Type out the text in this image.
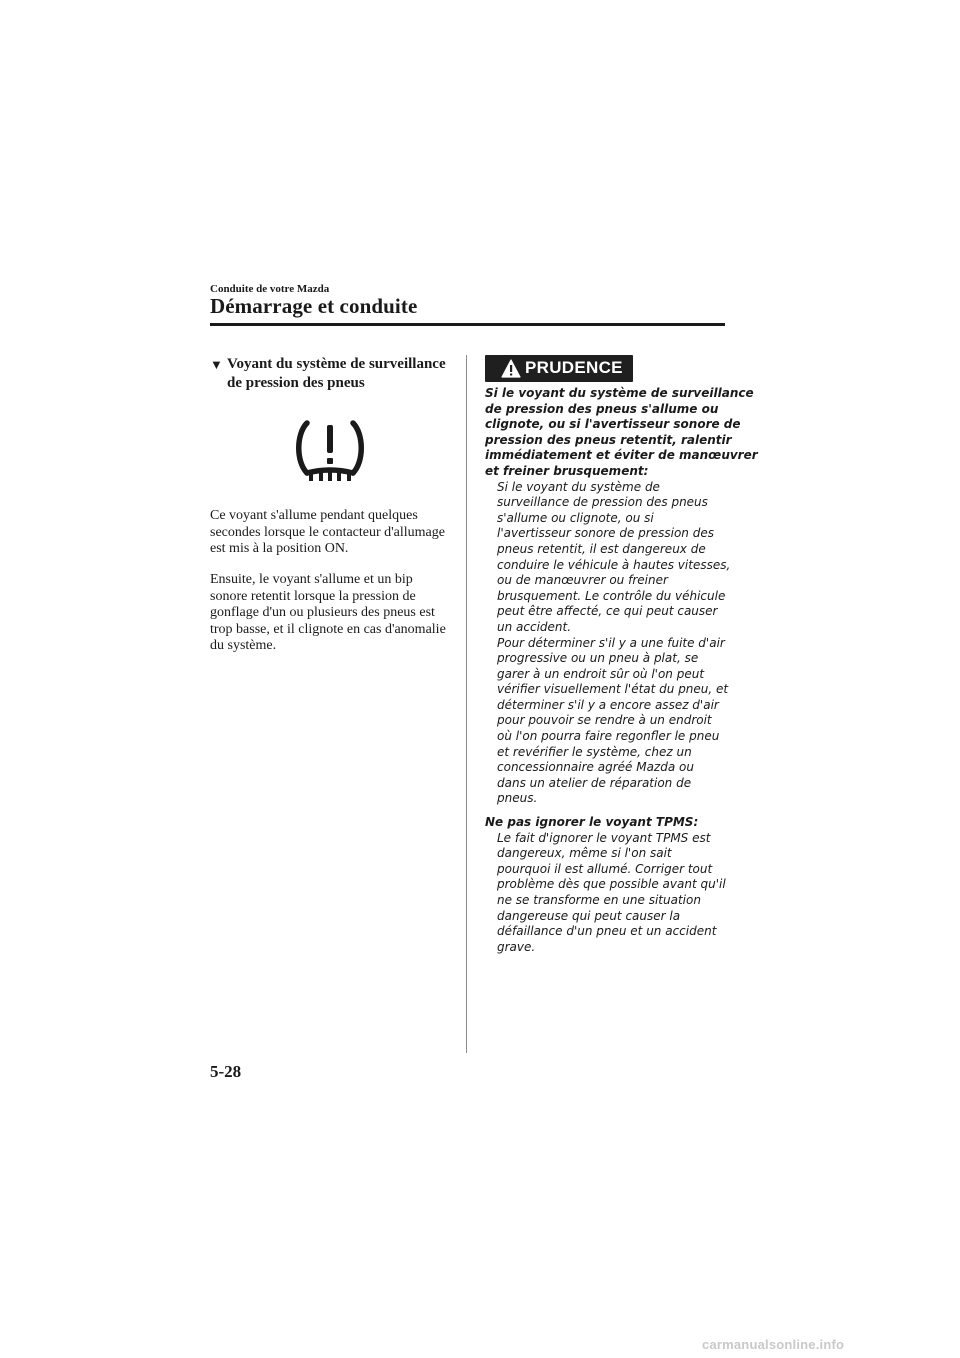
Conduite de votre Mazda
Démarrage et conduite
▼ Voyant du système de surveillance
de pression des pneus
Ce voyant s'allume pendant quelques
secondes lorsque le contacteur d'allumage
est mis à la position ON.
Ensuite, le voyant s'allume et un bip
sonore retentit lorsque la pression de
gonflage d'un ou plusieurs des pneus est
trop basse, et il clignote en cas d'anomalie
du système.
PRUDENCE
Si le voyant du système de surveillance
de pression des pneus s'allume ou
clignote, ou si l'avertisseur sonore de
pression des pneus retentit, ralentir
immédiatement et éviter de manœuvrer
et freiner brusquement:
Si le voyant du système de
surveillance de pression des pneus
s'allume ou clignote, ou si
l'avertisseur sonore de pression des
pneus retentit, il est dangereux de
conduire le véhicule à hautes vitesses,
ou de manœuvrer ou freiner
brusquement. Le contrôle du véhicule
peut être affecté, ce qui peut causer
un accident.
Pour déterminer s'il y a une fuite d'air
progressive ou un pneu à plat, se
garer à un endroit sûr où l'on peut
vérifier visuellement l'état du pneu, et
déterminer s'il y a encore assez d'air
pour pouvoir se rendre à un endroit
où l'on pourra faire regonfler le pneu
et revérifier le système, chez un
concessionnaire agréé Mazda ou
dans un atelier de réparation de
pneus.
Ne pas ignorer le voyant TPMS:
Le fait d'ignorer le voyant TPMS est
dangereux, même si l'on sait
pourquoi il est allumé. Corriger tout
problème dès que possible avant qu'il
ne se transforme en une situation
dangereuse qui peut causer la
défaillance d'un pneu et un accident
grave.
5-28
carmanualsonline.info
